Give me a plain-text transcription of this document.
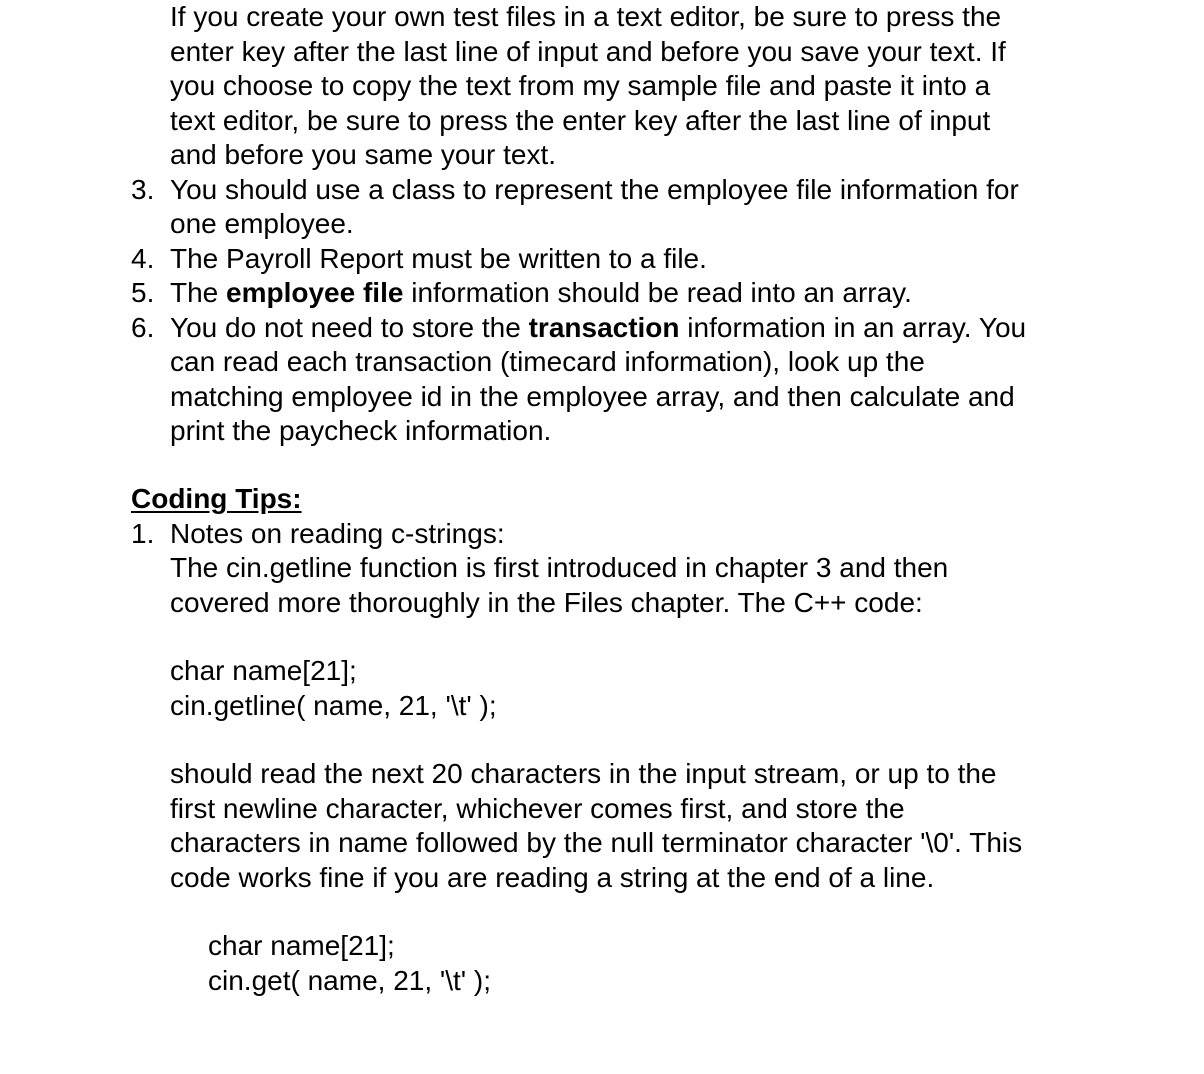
If you create your own test files in a text editor, be sure to press the
enter key after the last line of input and before you save your text. If
you choose to copy the text from my sample file and paste it into a
text editor, be sure to press the enter key after the last line of input
and before you same your text.
3. You should use a class to represent the employee file information for
one employee.
4. The Payroll Report must be written to a file.
5. The employee file information should be read into an array.
6. You do not need to store the transaction information in an array. You
can read each transaction (timecard information), look up the
matching employee id in the employee array, and then calculate and
print the paycheck information.
Coding Tips:
1. Notes on reading c-strings:
The cin.getline function is first introduced in chapter 3 and then
covered more thoroughly in the Files chapter. The C++ code:
char name[21];
cin.getline( name, 21, '\t' );
should read the next 20 characters in the input stream, or up to the
first newline character, whichever comes first, and store the
characters in name followed by the null terminator character '\0'. This
code works fine if you are reading a string at the end of a line.
char name[21];
cin.get( name, 21, '\t' );
